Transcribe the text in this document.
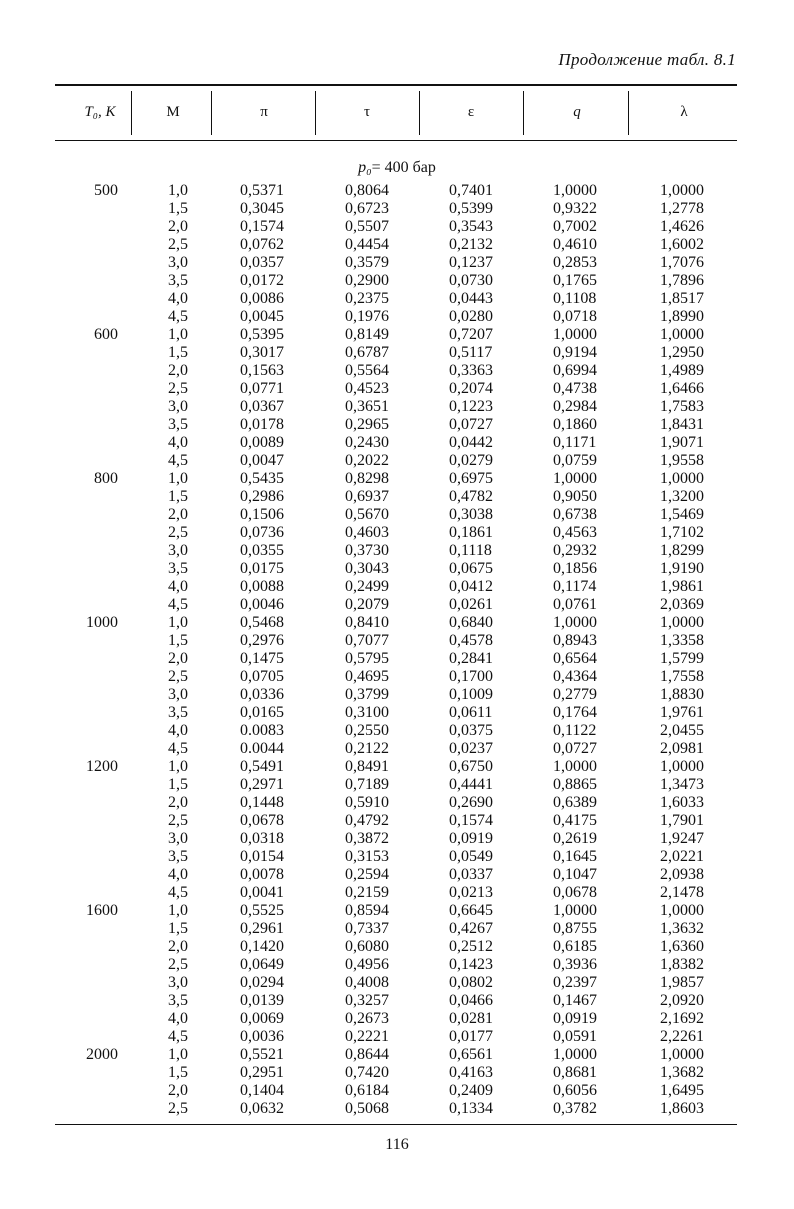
Продолжение табл. 8.1
T₀, K	M	π	τ	ε	q	λ
p₀= 400 бар
500	1,0	0,5371	0,8064	0,7401	1,0000	1,0000
1,5	0,3045	0,6723	0,5399	0,9322	1,2778
2,0	0,1574	0,5507	0,3543	0,7002	1,4626
2,5	0,0762	0,4454	0,2132	0,4610	1,6002
3,0	0,0357	0,3579	0,1237	0,2853	1,7076
3,5	0,0172	0,2900	0,0730	0,1765	1,7896
4,0	0,0086	0,2375	0,0443	0,1108	1,8517
4,5	0,0045	0,1976	0,0280	0,0718	1,8990
600	1,0	0,5395	0,8149	0,7207	1,0000	1,0000
1,5	0,3017	0,6787	0,5117	0,9194	1,2950
2,0	0,1563	0,5564	0,3363	0,6994	1,4989
2,5	0,0771	0,4523	0,2074	0,4738	1,6466
3,0	0,0367	0,3651	0,1223	0,2984	1,7583
3,5	0,0178	0,2965	0,0727	0,1860	1,8431
4,0	0,0089	0,2430	0,0442	0,1171	1,9071
4,5	0,0047	0,2022	0,0279	0,0759	1,9558
800	1,0	0,5435	0,8298	0,6975	1,0000	1,0000
1,5	0,2986	0,6937	0,4782	0,9050	1,3200
2,0	0,1506	0,5670	0,3038	0,6738	1,5469
2,5	0,0736	0,4603	0,1861	0,4563	1,7102
3,0	0,0355	0,3730	0,1118	0,2932	1,8299
3,5	0,0175	0,3043	0,0675	0,1856	1,9190
4,0	0,0088	0,2499	0,0412	0,1174	1,9861
4,5	0,0046	0,2079	0,0261	0,0761	2,0369
1000	1,0	0,5468	0,8410	0,6840	1,0000	1,0000
1,5	0,2976	0,7077	0,4578	0,8943	1,3358
2,0	0,1475	0,5795	0,2841	0,6564	1,5799
2,5	0,0705	0,4695	0,1700	0,4364	1,7558
3,0	0,0336	0,3799	0,1009	0,2779	1,8830
3,5	0,0165	0,3100	0,0611	0,1764	1,9761
4,0	0.0083	0,2550	0,0375	0,1122	2,0455
4,5	0.0044	0,2122	0,0237	0,0727	2,0981
1200	1,0	0,5491	0,8491	0,6750	1,0000	1,0000
1,5	0,2971	0,7189	0,4441	0,8865	1,3473
2,0	0,1448	0,5910	0,2690	0,6389	1,6033
2,5	0,0678	0,4792	0,1574	0,4175	1,7901
3,0	0,0318	0,3872	0,0919	0,2619	1,9247
3,5	0,0154	0,3153	0,0549	0,1645	2,0221
4,0	0,0078	0,2594	0,0337	0,1047	2,0938
4,5	0,0041	0,2159	0,0213	0,0678	2,1478
1600	1,0	0,5525	0,8594	0,6645	1,0000	1,0000
1,5	0,2961	0,7337	0,4267	0,8755	1,3632
2,0	0,1420	0,6080	0,2512	0,6185	1,6360
2,5	0,0649	0,4956	0,1423	0,3936	1,8382
3,0	0,0294	0,4008	0,0802	0,2397	1,9857
3,5	0,0139	0,3257	0,0466	0,1467	2,0920
4,0	0,0069	0,2673	0,0281	0,0919	2,1692
4,5	0,0036	0,2221	0,0177	0,0591	2,2261
2000	1,0	0,5521	0,8644	0,6561	1,0000	1,0000
1,5	0,2951	0,7420	0,4163	0,8681	1,3682
2,0	0,1404	0,6184	0,2409	0,6056	1,6495
2,5	0,0632	0,5068	0,1334	0,3782	1,8603
116
